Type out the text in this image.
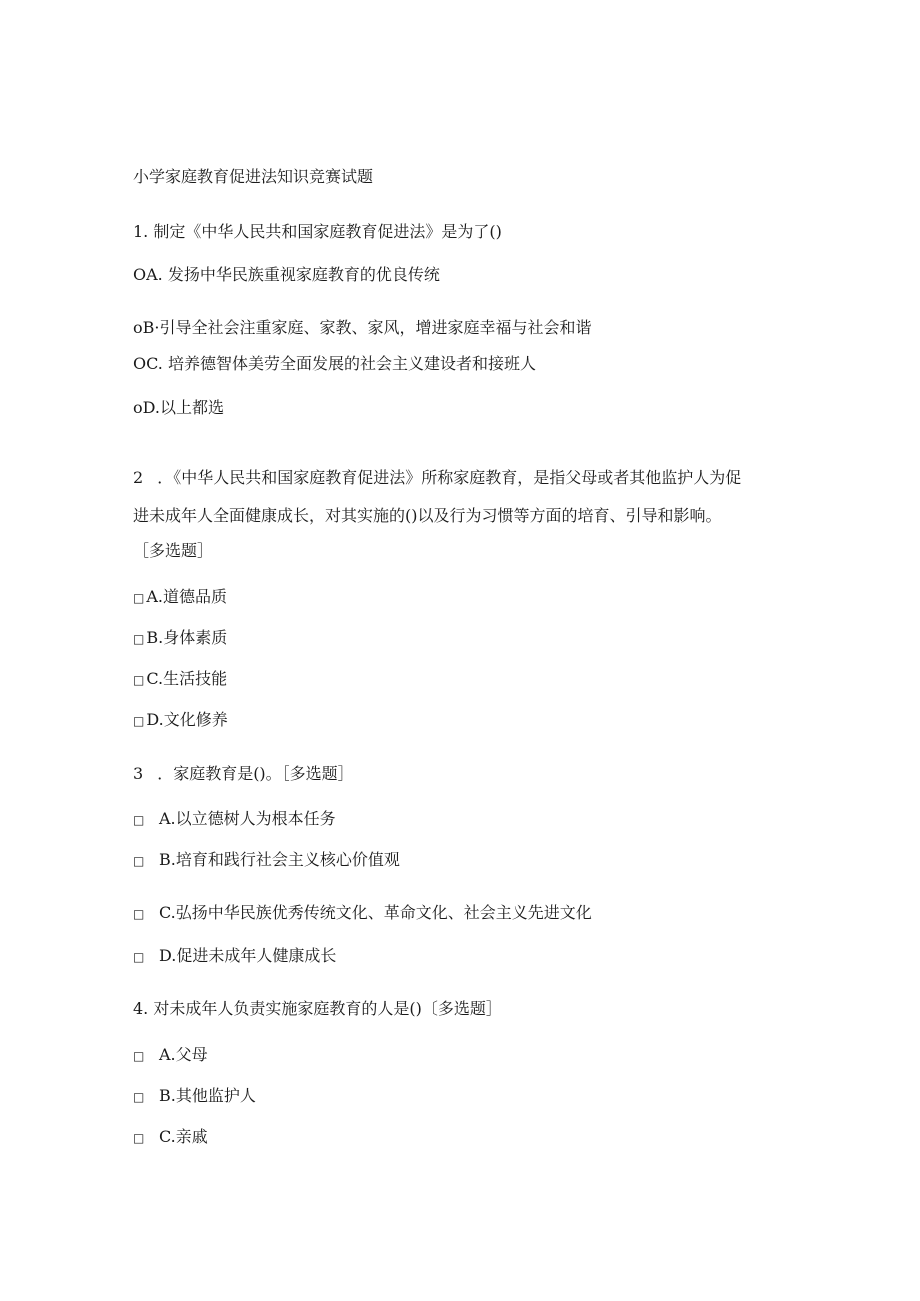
小学家庭教育促进法知识竞赛试题
1. 制定《中华人民共和国家庭教育促进法》是为了()
OA. 发扬中华民族重视家庭教育的优良传统
oB·引导全社会注重家庭、家教、家风，增进家庭幸福与社会和谐
OC. 培养德智体美劳全面发展的社会主义建设者和接班人
oD.以上都选
2 ．《中华人民共和国家庭教育促进法》所称家庭教育，是指父母或者其他监护人为促
进未成年人全面健康成长，对其实施的()以及行为习惯等方面的培育、引导和影响。
［多选题］
□ A.道德品质
□ B.身体素质
□ C.生活技能
□ D.文化修养
3 ．家庭教育是()。［多选题］
□ A.以立德树人为根本任务
□ B.培育和践行社会主义核心价值观
□ C.弘扬中华民族优秀传统文化、革命文化、社会主义先进文化
□ D.促进未成年人健康成长
4. 对未成年人负责实施家庭教育的人是()〔多选题］
□ A.父母
□ B.其他监护人
□ C.亲戚
